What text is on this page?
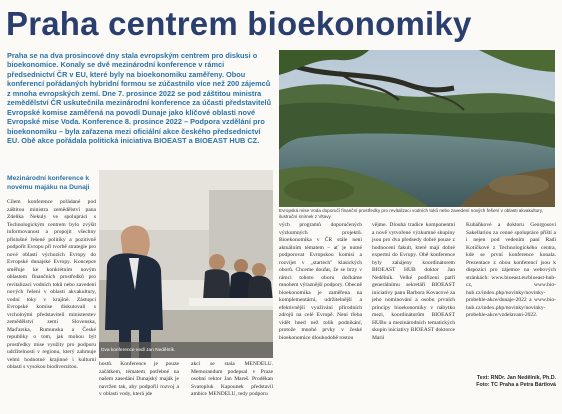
Praha centrem bioekonomiky

Praha se na dva prosincové dny stala evropským centrem pro diskusi o bioekonomice. Konaly se dvě mezinárodní konference v rámci předsednictví ČR v EU, které byly na bioekonomiku zaměřeny. Obou konferencí pořádaných hybridní formou se zúčastnilo více než 200 zájemců z mnoha evropských zemí. Dne 7. prosince 2022 se pod záštitou ministra zemědělství ČR uskutečnila mezinárodní konference za účasti představitelů Evropské komise zaměřená na povodí Dunaje jako klíčové oblasti nové Evropské mise Voda. Konference 8. prosince 2022 – Podpora vzdělání pro bioekonomiku – byla zařazena mezi oficiální akce českého předsednictví EU. Obě akce pořádala politická iniciativa BIOEAST a BIOEAST HUB CZ.

Evropská mise Voda doporučí finanční prostředky pro revitalizaci vodních toků nebo zavedení nových řešení v oblasti akvakultury, ilustrační snímek z Vltavy.
Mezinárodní konference k novému majáku na Dunaji
Dva konference vedl Jan Nedělník.

Cílem konference pořádané pod záštitou ministra zemědělství pana Zdeňka Nekuly ve spolupráci s Technologickým centrem bylo zvýšit informovanost a propojit všechny příslušné řešené politiky a pozitivně podpořit Evropu při tvorbě strategie pro nové oblasti výchozích Evropy do Evropské dunajské Evropy. Koncepce směřuje ke konkrétním novým oblastem finančních prostředků pro revitalizaci vodních toků nebo zavedení nových řešení v oblasti akvakultury, vodní toky v krajině. Zástupci Evropské komise diskutovali s vrcholnými představiteli ministerstev zemědělství zemí Slovenska, Maďarska, Rumunska a České republiky o tom, jak mohou být prostředky mise využity pro podporu udržitelnosti v regionu, který zahrnuje velmi hodnotné krajinné i kulturní oblasti s vysokou biodiverzitou.

hostů. Konference je pouze začátkem, tématem potřebné na našem zasedání Dunajský maják je navržen tak, aby podpořil rozvoj a v oblasti vody, která jde

akcí se stala MENDELU. Memorandum podepsal v Praze osobní rektor Jan Mareš. Proděkan Svatopluk Kapounek představil ambice MENDELU, tedy podporu

vých programů doporučených výzkumných projektů. Bioekonomika v ČR stále není aktuálním tématem – ať je nutné podporovat Evropskou komisi a rozvíjet v „startech" klasických oborů. Chceme doufat, že se brzy v rámci tohoto oboru dočkáme mnohem výraznější podpory. Obecně bioekonomika je zaměřena na komplementární, udržitelnější a efektivnější využívání přírodních zdrojů na celé Evropě. Není třeba vidět hned než tolik podnikání, protože mnohé prvky v české bioekonomice dlouhodobě rostou

vějme. Dlouhá tradice komponentní a nově vytvořené výzkumné skupiny jsou pro dva předsedy dobré pouze z hodnocení fakult, které mají dobré expertní do Evropy. Obě konference byly zahájeny koordinátorem BIOEAST HUB doktor Jan Nedělník. Velké podřízení patří generálnímu sekretáři BIOEAST iniciativy panu Barbora Kovacové za jeho nominování a osobu prvních principy bioekonomiky v nábytku mezi, koordinátorům BIOEAST HUBu a mezinárodních tematických skupin iniciativy BIOEAST doktorce Marii

Kubáňkové a doktoru Georgosovi Sakellariou za cenné spolupráce příští a i nejen pod vedením paní Radi Kotičkové z Technologického centra, kde se první konference konala. Prezentace z obou konferencí jsou k dispozici pro zájemce na webových stránkách: www.bioeast.eu/bioeast-hub-cz, www.bio-hub.cz/index.php/novinky/novinky-probehle-akce/dunaje-2022 a www.bio-hub.cz/index.php/novinky/novinky-probehle-akce/vzdelavani-2022.

Text: RNDr. Jan Nedělník, Ph.D.

Foto: TC Praha a Petra Bártlová
